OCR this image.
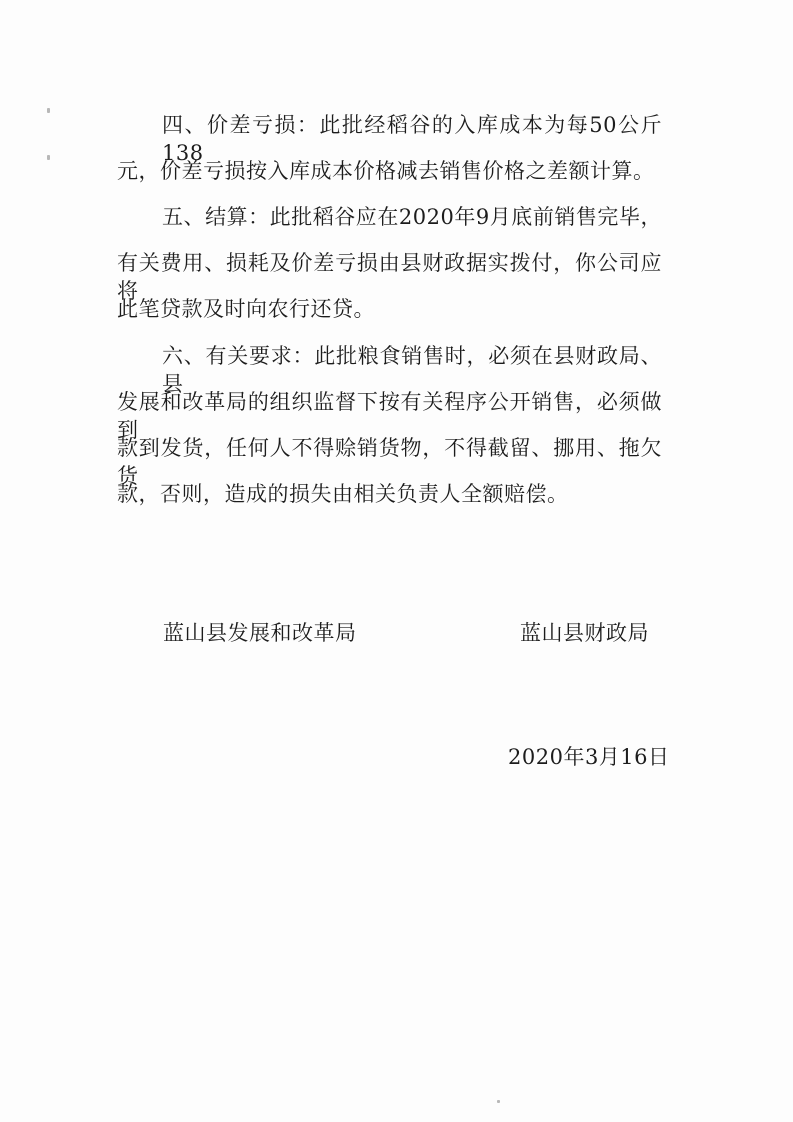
四、价差亏损：此批经稻谷的入库成本为每50公斤138
元，价差亏损按入库成本价格减去销售价格之差额计算。
五、结算：此批稻谷应在2020年9月底前销售完毕，
有关费用、损耗及价差亏损由县财政据实拨付，你公司应将
此笔贷款及时向农行还贷。
六、有关要求：此批粮食销售时，必须在县财政局、县
发展和改革局的组织监督下按有关程序公开销售，必须做到
款到发货，任何人不得赊销货物，不得截留、挪用、拖欠货
款，否则，造成的损失由相关负责人全额赔偿。
蓝山县发展和改革局	蓝山县财政局
2020年3月16日
